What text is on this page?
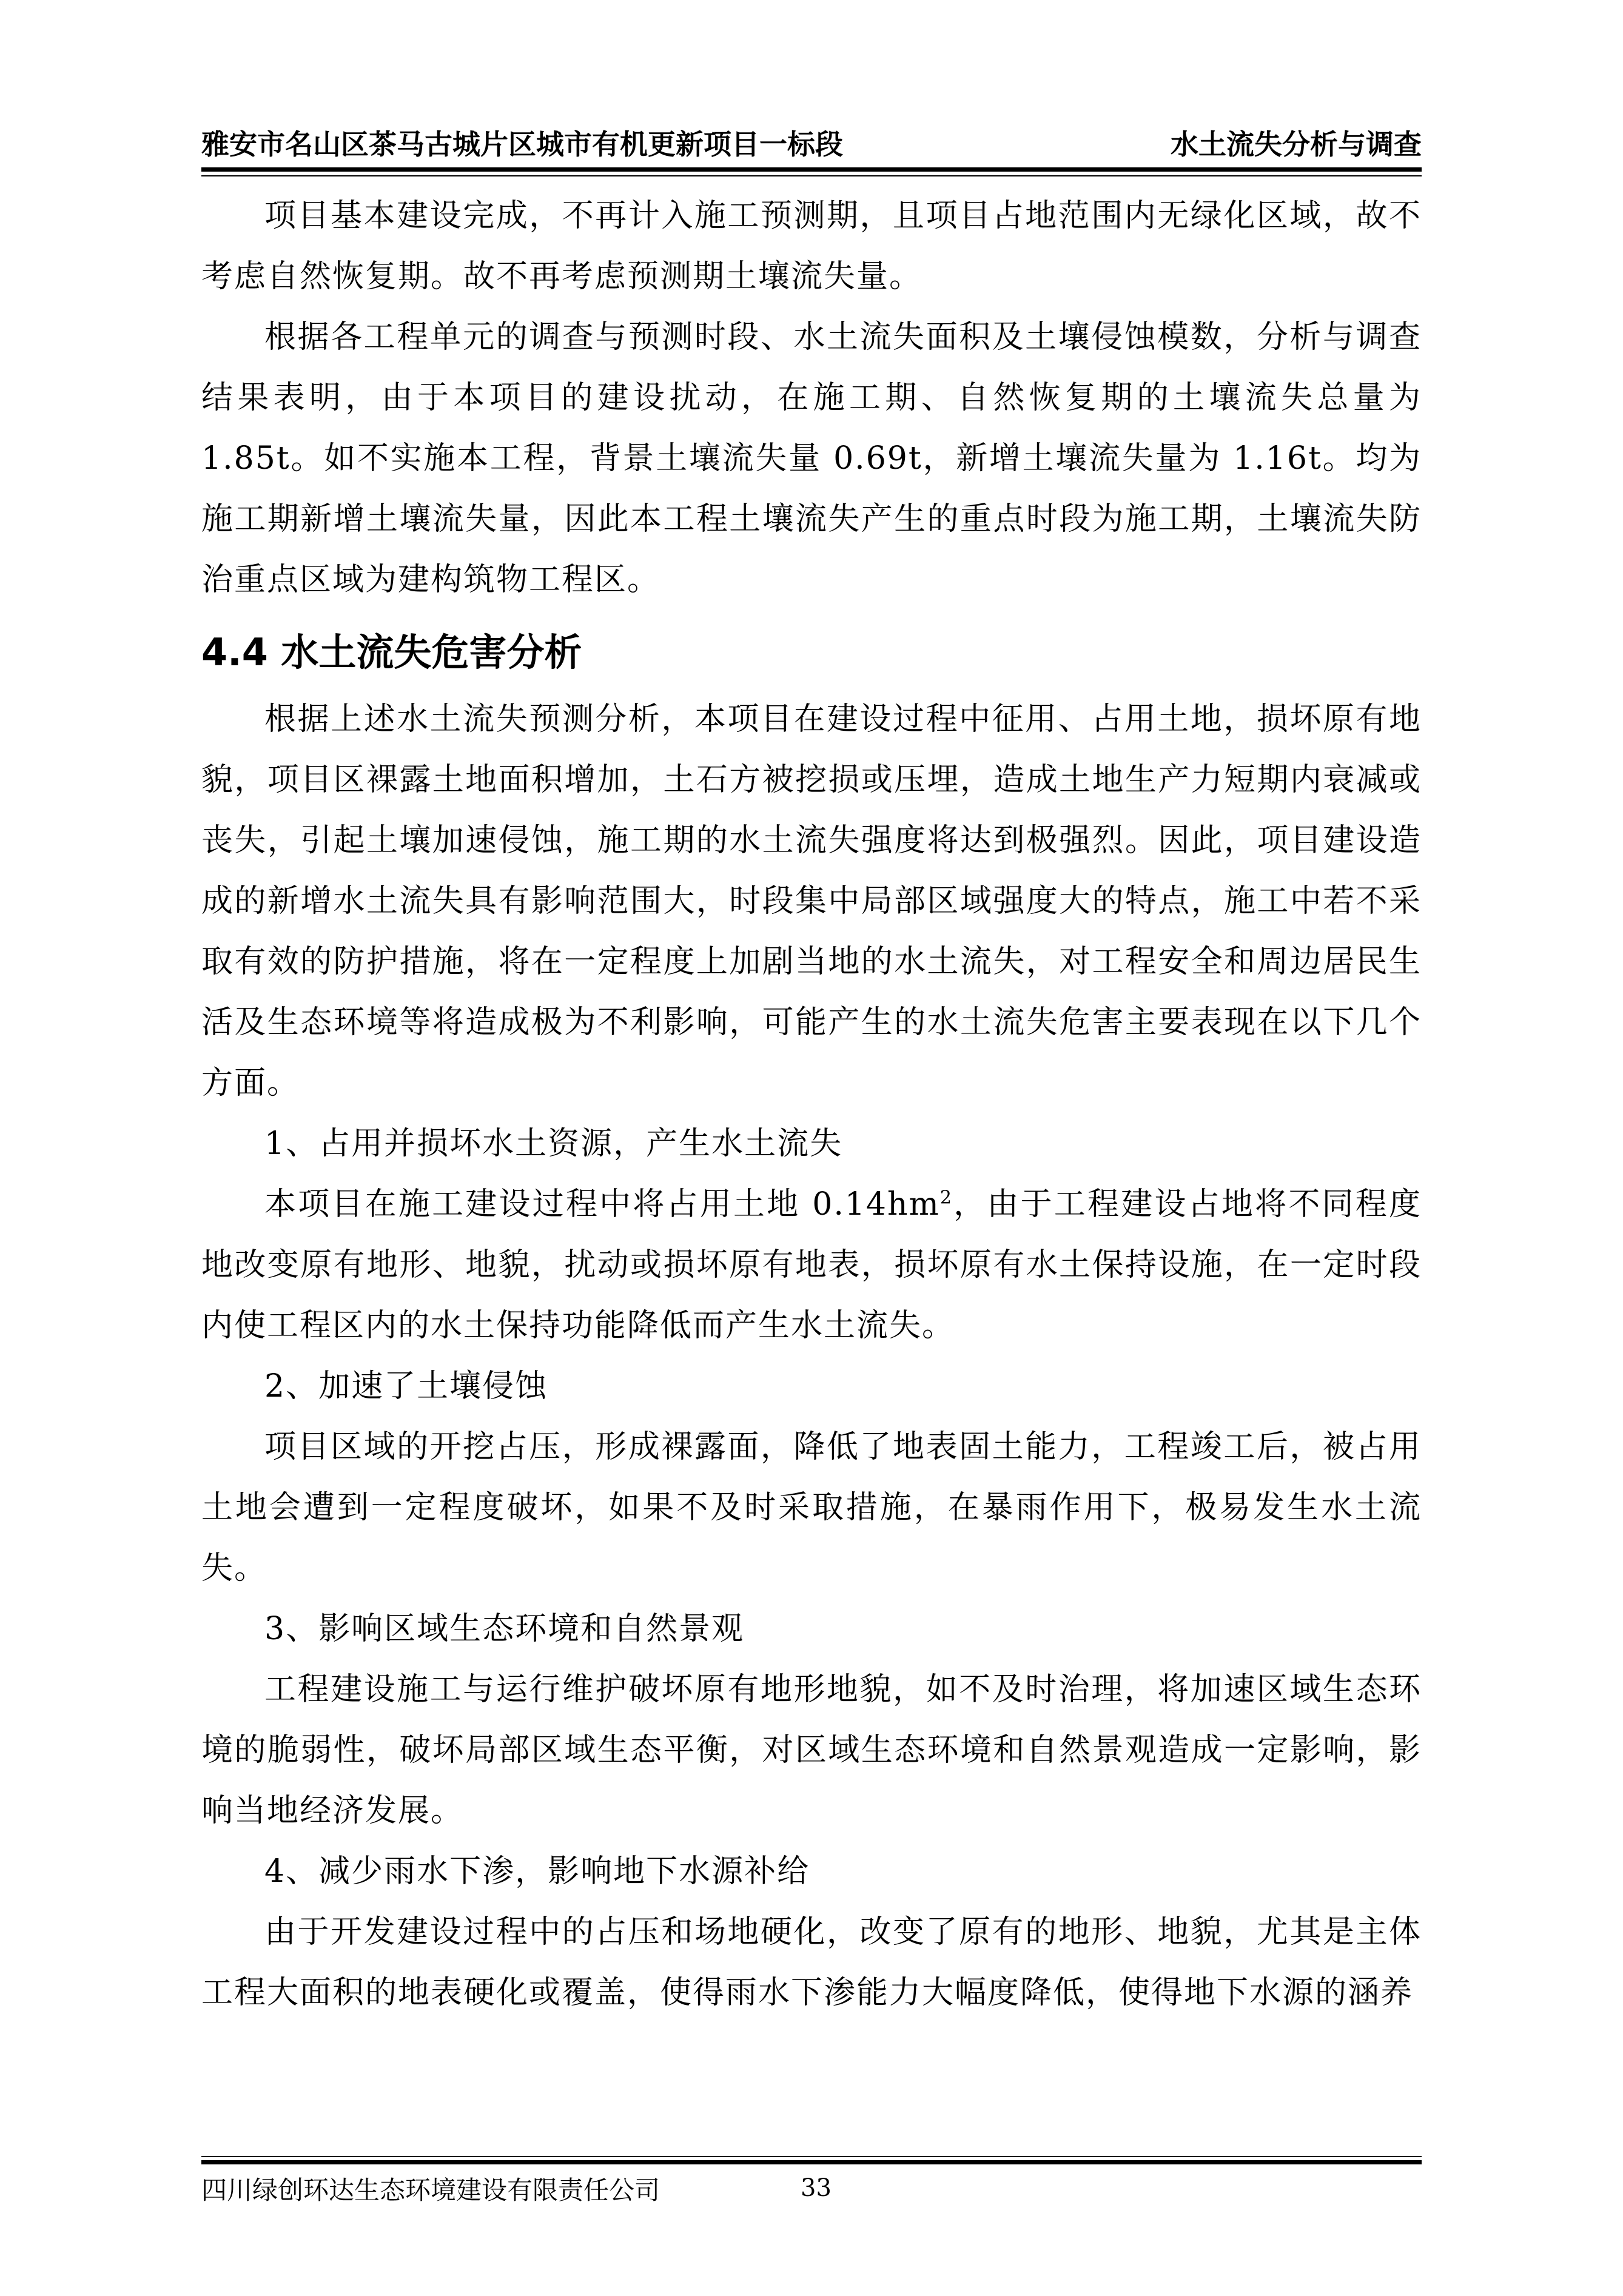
雅安市名山区茶马古城片区城市有机更新项目一标段	水土流失分析与调查

项目基本建设完成，不再计入施工预测期，且项目占地范围内无绿化区域，故不考虑自然恢复期。故不再考虑预测期土壤流失量。

根据各工程单元的调查与预测时段、水土流失面积及土壤侵蚀模数，分析与调查结果表明，由于本项目的建设扰动，在施工期、自然恢复期的土壤流失总量为 1.85t。如不实施本工程，背景土壤流失量 0.69t，新增土壤流失量为 1.16t。均为施工期新增土壤流失量，因此本工程土壤流失产生的重点时段为施工期，土壤流失防治重点区域为建构筑物工程区。

4.4 水土流失危害分析

根据上述水土流失预测分析，本项目在建设过程中征用、占用土地，损坏原有地貌，项目区裸露土地面积增加，土石方被挖损或压埋，造成土地生产力短期内衰减或丧失，引起土壤加速侵蚀，施工期的水土流失强度将达到极强烈。因此，项目建设造成的新增水土流失具有影响范围大，时段集中局部区域强度大的特点，施工中若不采取有效的防护措施，将在一定程度上加剧当地的水土流失，对工程安全和周边居民生活及生态环境等将造成极为不利影响，可能产生的水土流失危害主要表现在以下几个方面。

1、占用并损坏水土资源，产生水土流失

本项目在施工建设过程中将占用土地 $0.14hm^2$，由于工程建设占地将不同程度地改变原有地形、地貌，扰动或损坏原有地表，损坏原有水土保持设施，在一定时段内使工程区内的水土保持功能降低而产生水土流失。

2、加速了土壤侵蚀

项目区域的开挖占压，形成裸露面，降低了地表固土能力，工程竣工后，被占用土地会遭到一定程度破坏，如果不及时采取措施，在暴雨作用下，极易发生水土流失。

3、影响区域生态环境和自然景观

工程建设施工与运行维护破坏原有地形地貌，如不及时治理，将加速区域生态环境的脆弱性，破坏局部区域生态平衡，对区域生态环境和自然景观造成一定影响，影响当地经济发展。

4、减少雨水下渗，影响地下水源补给

由于开发建设过程中的占压和场地硬化，改变了原有的地形、地貌，尤其是主体工程大面积的地表硬化或覆盖，使得雨水下渗能力大幅度降低，使得地下水源的涵养

四川绿创环达生态环境建设有限责任公司	33
